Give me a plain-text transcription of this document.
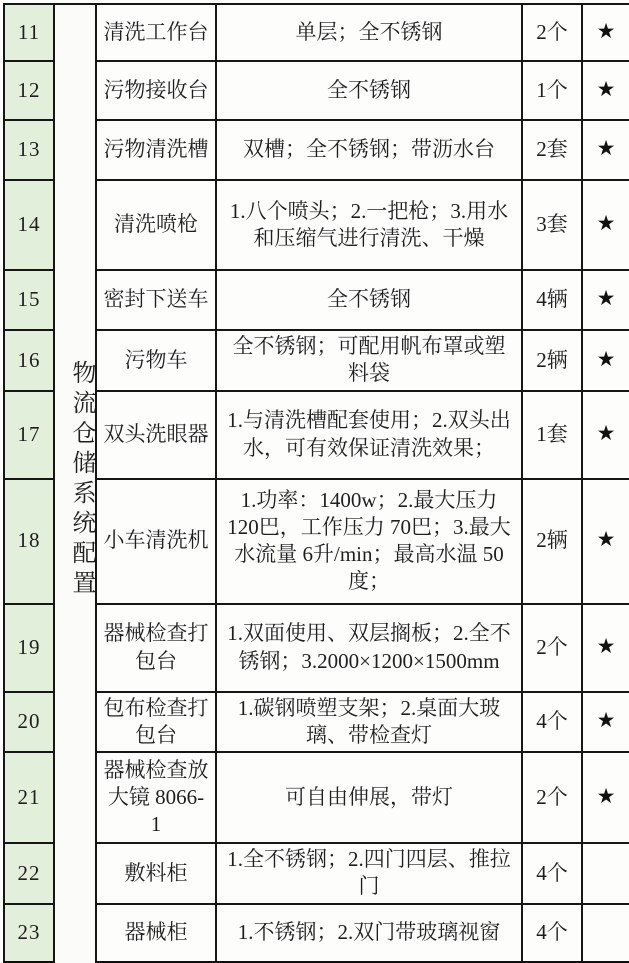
11	物流仓储系统配置	清洗工作台	单层；全不锈钢	2个	★
12		污物接收台	全不锈钢	1个	★
13		污物清洗槽	双槽；全不锈钢；带沥水台	2套	★
14		清洗喷枪	1.八个喷头；2.一把枪；3.用水和压缩气进行清洗、干燥	3套	★
15		密封下送车	全不锈钢	4辆	★
16		污物车	全不锈钢；可配用帆布罩或塑料袋	2辆	★
17		双头洗眼器	1.与清洗槽配套使用；2.双头出水，可有效保证清洗效果；	1套	★
18		小车清洗机	1.功率：1400w；2.最大压力 120巴，工作压力 70巴；3.最大水流量 6升/min；最高水温 50度；	2辆	★
19		器械检查打包台	1.双面使用、双层搁板；2.全不锈钢；3.2000×1200×1500mm	2个	★
20		包布检查打包台	1.碳钢喷塑支架；2.桌面大玻璃、带检查灯	4个	★
21		器械检查放大镜 8066-1	可自由伸展，带灯	2个	★
22		敷料柜	1.全不锈钢；2.四门四层、推拉门	4个	
23		器械柜	1.不锈钢；2.双门带玻璃视窗	4个	
